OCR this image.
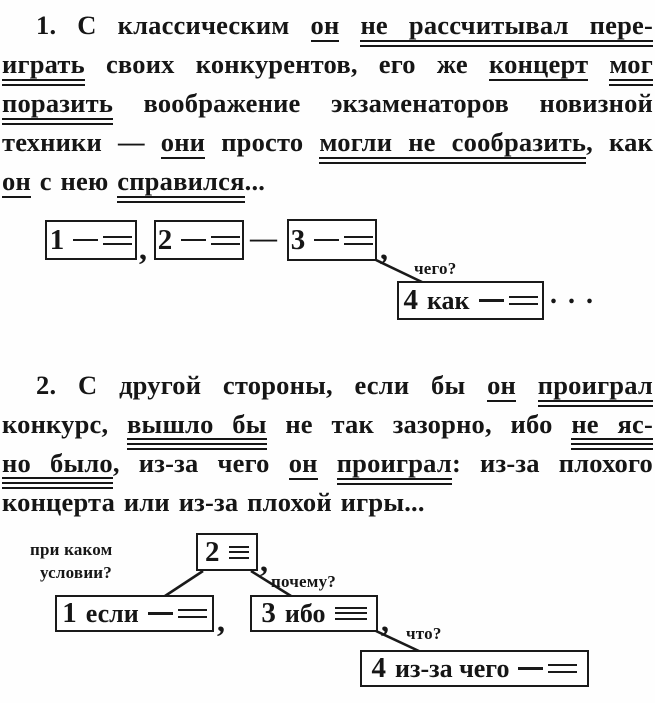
1. С классическим он не рассчитывал пере-
играть своих конкурентов, его же концерт мог
поразить воображение экзаменаторов новизной
техники — они просто могли не сообразить, как
он с нею справился...
1 , 2	— 3 ,
чего?
4 как	. . .
2. С другой стороны, если бы он проиграл
конкурс, вышло бы не так зазорно, ибо не яс-
но было, из-за чего он проиграл: из-за плохого
концерта или из-за плохой игры...
при каком
условии?
2 ,
почему?
1 если , 3 ибо , что?
4 из-за чего
